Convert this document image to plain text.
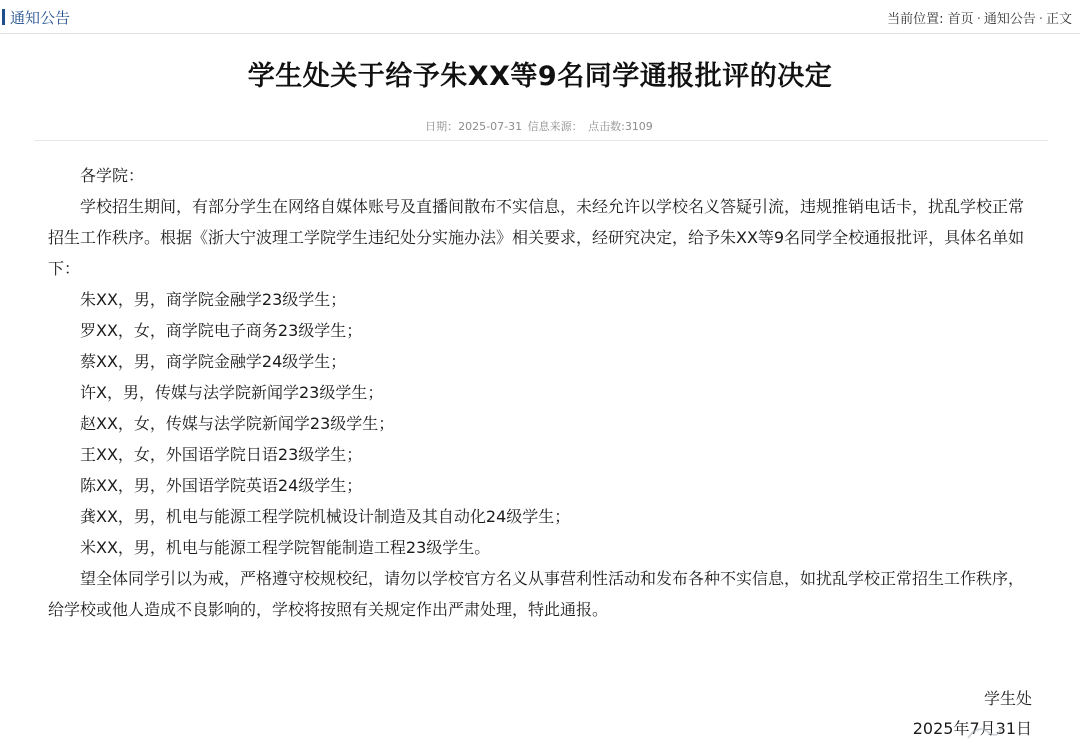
通知公告	当前位置: 首页 · 通知公告 · 正文
学生处关于给予朱XX等9名同学通报批评的决定
日期：2025-07-31 信息来源： 点击数:3109
各学院：

学校招生期间，有部分学生在网络自媒体账号及直播间散布不实信息，未经允许以学校名义答疑引流，违规推销电话卡，扰乱学校正常招生工作秩序。根据《浙大宁波理工学院学生违纪处分实施办法》相关要求，经研究决定，给予朱XX等9名同学全校通报批评，具体名单如下：

朱XX，男，商学院金融学23级学生；
罗XX，女，商学院电子商务23级学生；
蔡XX，男，商学院金融学24级学生；
许X，男，传媒与法学院新闻学23级学生；
赵XX，女，传媒与法学院新闻学23级学生；
王XX，女，外国语学院日语23级学生；
陈XX，男，外国语学院英语24级学生；
龚XX，男，机电与能源工程学院机械设计制造及其自动化24级学生；
米XX，男，机电与能源工程学院智能制造工程23级学生。

望全体同学引以为戒，严格遵守校规校纪，请勿以学校官方名义从事营利性活动和发布各种不实信息，如扰乱学校正常招生工作秩序，给学校或他人造成不良影响的，学校将按照有关规定作出严肃处理，特此通报。

学生处
2025年7月31日
